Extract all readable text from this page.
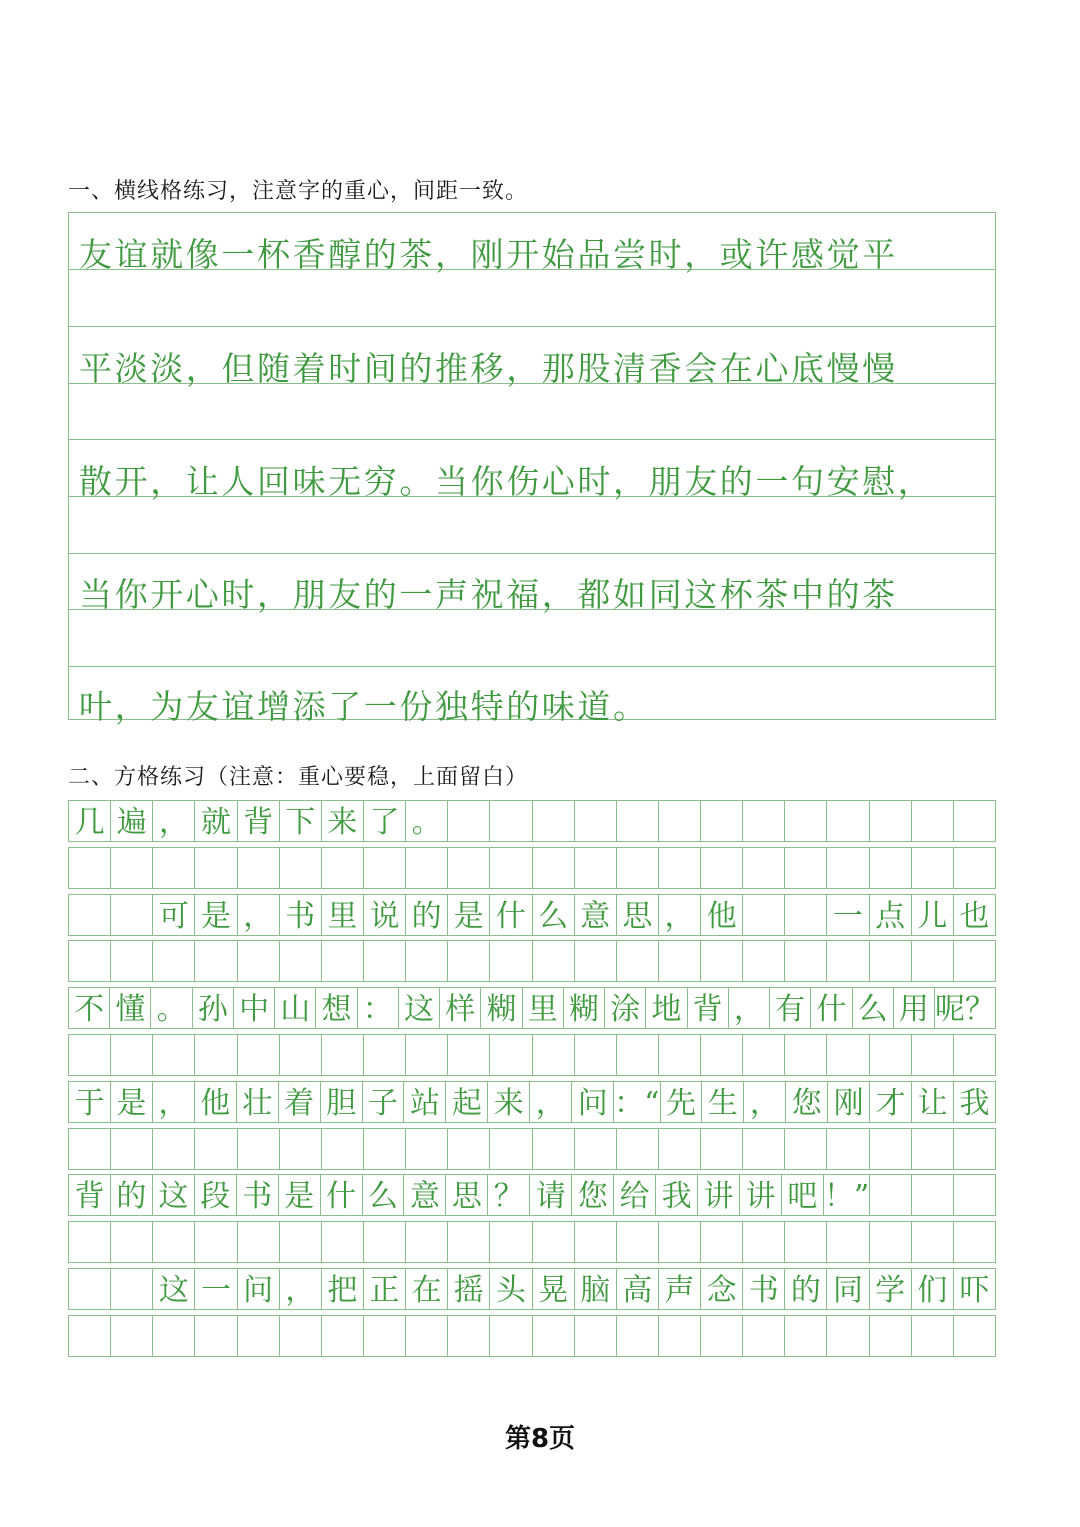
一、横线格练习，注意字的重心，间距一致。
友谊就像一杯香醇的茶，刚开始品尝时，或许感觉平
平淡淡，但随着时间的推移，那股清香会在心底慢慢
散开，让人回味无穷。当你伤心时，朋友的一句安慰，
当你开心时，朋友的一声祝福，都如同这杯茶中的茶
叶，为友谊增添了一份独特的味道。
二、方格练习（注意：重心要稳，上面留白）
几 遍 ， 就 背 下 来 了 。
可 是 ， 书 里 说 的 是 什 么 意 思 ， 他	一 点 儿 也
不 懂 。 孙 中 山 想 ： 这 样 糊 里 糊 涂 地 背 ， 有 什 么 用 呢？
于 是 ， 他 壮 着 胆 子 站 起 来 ， 问 ：“ 先 生 ， 您 刚 才 让 我
背 的 这 段 书 是 什 么 意 思 ？ 请 您 给 我 讲 讲 吧 ！”
这 一 问 ， 把 正 在 摇 头 晃 脑 高 声 念 书 的 同 学 们 吓
第8页
